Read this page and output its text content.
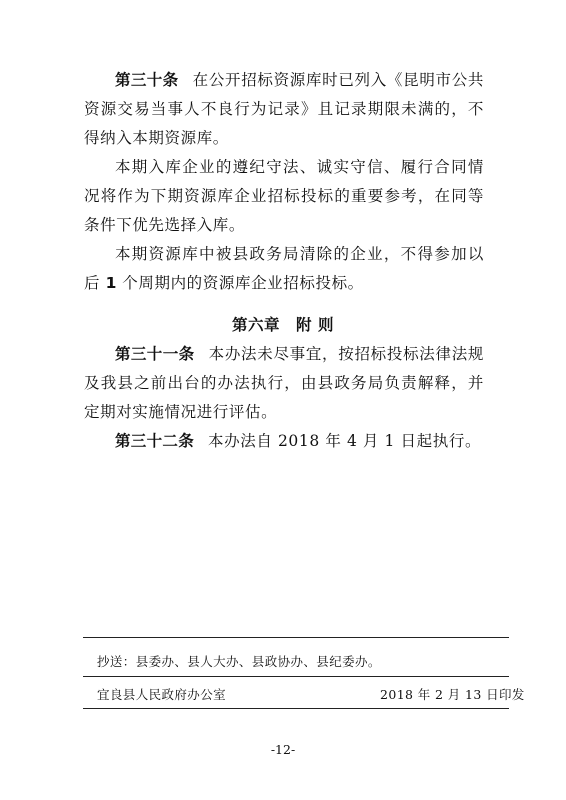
第三十条 在公开招标资源库时已列入《昆明市公共资源交易当事人不良行为记录》且记录期限未满的，不得纳入本期资源库。

本期入库企业的遵纪守法、诚实守信、履行合同情况将作为下期资源库企业招标投标的重要参考，在同等条件下优先选择入库。

本期资源库中被县政务局清除的企业，不得参加以后 1 个周期内的资源库企业招标投标。

第六章 附 则

第三十一条 本办法未尽事宜，按招标投标法律法规及我县之前出台的办法执行，由县政务局负责解释，并定期对实施情况进行评估。

第三十二条 本办法自 2018 年 4 月 1 日起执行。

抄送：县委办、县人大办、县政协办、县纪委办。
宜良县人民政府办公室	2018 年 2 月 13 日印发
-12-
